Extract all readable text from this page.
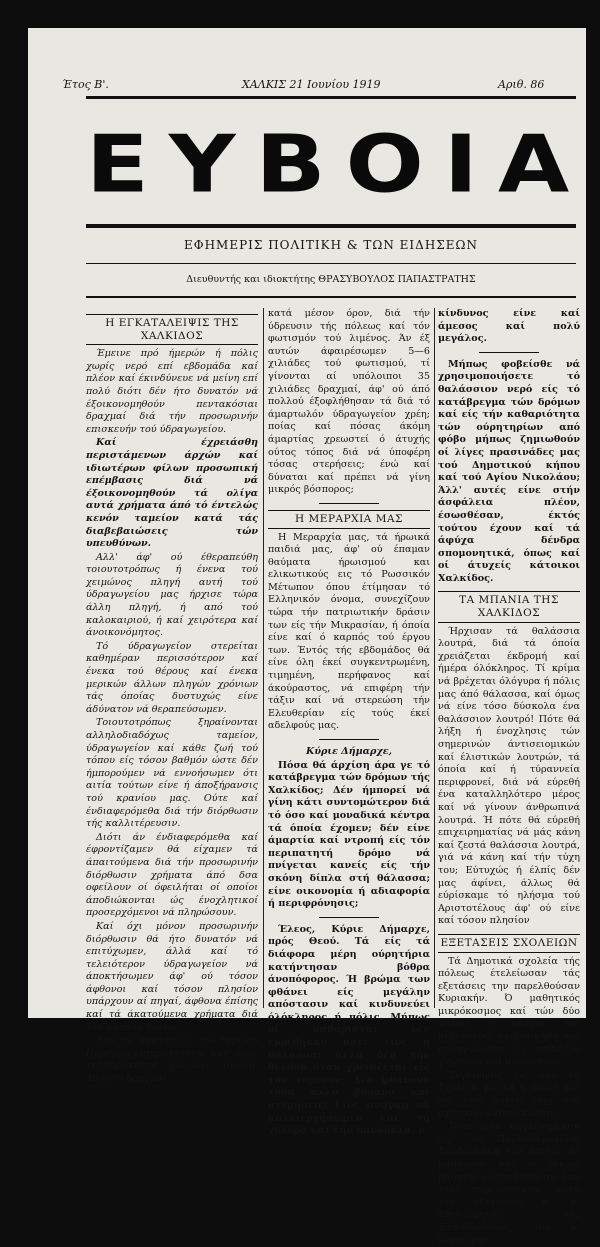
Έτος Β'.	ΧΑΛΚΙΣ 21 Ιουνίου 1919	Αριθ. 86
ΕΥΒΟΙΑ
ΕΦΗΜΕΡΙΣ ΠΟΛΙΤΙΚΗ & ΤΩΝ ΕΙΔΗΣΕΩΝ
Διευθυντής και ιδιοκτήτης ΘΡΑΣΥΒΟΥΛΟΣ ΠΑΠΑΣΤΡΑΤΗΣ
Η ΕΓΚΑΤΑΛΕΙΨΙΣ ΤΗΣ ΧΑΛΚΙΔΟΣ

Έμεινε πρό ήμερών ή πόλις χωρίς νερό επί εβδομάδα καί πλέον καί έκινδύνευε νά μείνη επί πολύ διότι δέν ήτο δυνατόν νά έξοικονομηθούν πεντακόσιαι δραχμαί διά τήν προσωρινήν επισκευήν τού ύδραγωγείου.

Καί έχρειάσθη περιστάμενων άρχών καί ιδιωτέρων φίλων προσωπική επέμβασις διά νά έξοικονομηθούν τά ολίγα αυτά χρήματα άπό τό έντελώς κενόν ταμείον κατά τάς διαβεβαιώσεις τών υπευθύνων.

Αλλ' άφ' ού έθεραπεύθη τοιουτοτρόπως ή ένενα τού χειμώνος πληγή αυτή τού ύδραγωγείου μας ήρχισε τώρα άλλη πληγή, ή από τού καλοκαιριού, ή καί χειρότερα καί άνοικονόμητος.

Τό ύδραγωγείον στερείται καθημέραν περισσότερον καί ένεκα τού θέρους καί ένεκα μερικών άλλων πληγών χρόνιων τάς όποίας δυστυχώς είνε άδύνατον νά θεραπεύσωμεν.

Τοιουτοτρόπως ξηραίνονται αλληλοδιαδόχως ταμείον, ύδραγωγείον καί κάθε ζωή τού τόπου είς τόσον βαθμόν ώστε δέν ήμπορούμεν νά εννοήσωμεν ότι αιτία τούτων είνε ή άποξήρανσις τού κρανίου μας. Ούτε καί ένδιαφερόμεθα διά τήν διόρθωσιν τής καλλιτέρευσιν.

Διότι άν ένδιαφερόμεθα καί έφροντίζαμεν θά είχαμεν τά άπαιτούμενα διά τήν προσωρινήν διόρθωσιν χρήματα άπό δσα οφείλουν οί όφειλήται οί οποίοι άποδιώκονται ώς ένοχλητικοί προσερχόμενοι νά πληρώσουν.

Καί όχι μόνον προσωρινήν διόρθωσιν θά ήτο δυνατόν νά επιτύχωμεν, άλλά καί τό τελειότερον ύδραγωγείον νά άποκτήσωμεν άφ' ού τόσον άφθονοι καί τόσον πλησίον υπάρχουν αί πηγαί, άφθονα έπίσης καί τά άκατούμενα χρήματα διά τόν σκοπόν τούτον.

Από τής συστάσεως τού ταμείου Πορθμού εισπράττονται κατ' έτος τεσσαράκοντα χιλιάδες (άριθμ. 40,000) δραχμαί

κατά μέσον όρον, διά τήν ύδρευσιν τής πόλεως καί τόν φωτισμόν τού λιμένος. Άν έξ αυτών άφαιρέσωμεν 5—6 χιλιάδες τού φωτισμού, τί γίνονται αί υπόλοιποι 35 χιλιάδες δραχμαί, άφ' ού άπό πολλού έξοφλήθησαν τά διά τό άμαρτωλόν ύδραγωγείον χρέη; ποίας καί πόσας άκόμη άμαρτίας χρεωστεί ό άτυχής ούτος τόπος διά νά ύποφέρη τόσας στερήσεις; ένώ καί δύναται καί πρέπει νά γίνη μικρός βόσπορος;

Η ΜΕΡΑΡΧΙΑ ΜΑΣ

Η Μεραρχία μας, τά ήρωικά παιδιά μας, άφ' ού έπαμαν θαύματα ήρωισμού και ελικωτικούς εις τό Ρωσσικόν Μέτωπον όπου έτίμησαν τό Ελληνικόν όνομα, συνεχίζουν τώρα τήν πατριωτικήν δράσιν των είς τήν Μικρασίαν, ή όποία είνε καί ό καρπός τού έργου των. Έντός τής εβδομάδος θά είνε όλη έκεί συγκεντρωμένη, τιμημένη, περήφανος καί άκούραστος, νά επιφέρη τήν τάξιν καί νά στερεώση τήν Ελευθερίαν είς τούς έκεί αδελφούς μας.

Κύριε Δήμαρχε,

Πόσα θά άρχίση άρα γε τό κατάβρεγμα τών δρόμων τής Χαλκίδος; Δέν ήμπορεί νά γίνη κάτι συντομώτερον διά τό όσο καί μοναδικά κέντρα τά όποία έχομεν; δέν είνε άμαρτία καί ντροπή είς τόν περιπατητή δρόμο νά πνίγεται κανείς είς τήν σκόνη δίπλα στή θάλασσα; είνε οικονομία ή αδιαφορία ή περιφρόνησις;

Έλεος, Κύριε Δήμαρχε, πρός Θεού. Τά είς τά διάφορα μέρη ούρητήρια κατήντησαν βόθρα άνοπόφορος. Ή βρώμα των φθάνει είς μεγάλην απόστασιν καί κινδυνεύει όλόκληρος ή πόλις. Μήπως οί καθαρισταί δέν εύρέθηκαν ποτέ είνε ή θάλασσα; άλλά δέν τήν θέλουν όταν χρειάζεται είς τόν τόμεσον; Δέν φθάνουν τόσα άλλα βόσανα καί στερήσεις; Είνε ανάγκη νά καλλιεργήσωμεν καί τή χολέρα καί τήν πανούκλα; ό

κίνδυνος είνε καί άμεσος καί πολύ μεγάλος.

Μήπως φοβείσθε νά χρησιμοποιήσετε τό θαλάσσιον νερό είς τό κατάβρεγμα τών δρόμων καί είς τήν καθαριότητα τών ούρητηρίων από φόβο μήπως ζημιωθούν οί λίγες πρασινάδες μας τού Δημοτικού κήπου καί τού Αγίου Νικολάου; Άλλ' αυτές είνε στήν άσφάλεια πλέον, έσωσθέσαν, έκτός τούτου έχουν καί τά άφύχα δένδρα σπομονητικά, όπως καί οί άτυχείς κάτοικοι Χαλκίδος.

ΤΑ ΜΠΑΝΙΑ ΤΗΣ ΧΑΛΚΙΔΟΣ

Ήρχισαν τά θαλάσσια λουτρά, διά τά όποία χρειάζεται έκδρομή καί ήμέρα όλόκληρος. Τί κρίμα νά βρέχεται όλόγυρα ή πόλις μας άπό θάλασσα, καί όμως νά είνε τόσο δύσκολα ένα θαλάσσιον λουτρό! Πότε θά λήξη ή ένοχλησις τών σημερινών άντισειομικών καί έλιστικών λουτρών, τά όποία καί ή τύραννεία περιφρονεί, διά νά εύρεθή ένα καταλληλότερο μέρος καί νά γίνουν άνθρωπινά λουτρά. Ή πότε θά εύρεθή επιχειρηματίας νά μάς κάνη καί ζεστά θαλάσσια λουτρά, γιά νά κάνη καί τήν τύχη του; Εύτυχώς ή έλπίς δέν μας άφίνει, άλλως θά εύρίσκαμε τό ηλήσμα τού Αριστοτέλους άφ' ού είνε καί τόσον πλησίον

ΕΞΕΤΑΣΕΙΣ ΣΧΟΛΕΙΩΝ

Τά Δημοτικά σχολεία τής πόλεως έτελείωσαν τάς εξετάσεις την παρελθούσαν Κυριακήν. Ό μαθητικός μικρόκοσμος καί τών δύο φύλων, ό κόσμος τού μέλλοντος, έφιλοτιμήθη καί συνηγωνίσθη είς επίδειξιν γνώσεων καί μορφώσεως.

Συγκίνησις είς όλα τά Σχολεία γενική ή όποία καί είς τούς γονείς είχε τήν σχετικήν άντανάκλασιν.

Ίδιαιτέραν συγκέντρωσιν είχε τό Παρθεναγωγείον Σανδουκάκη τού όποίου αί μαθήτριαι καί οί μικροί μαθηταί έθαυμάσθησαν άπό τούς παρευρεθέντας κατά τάς εξετάσεις κ. κ. Επιθεωρητάς τής Έκπαιδεύσεως, τόν κ. Νομάρχην,
